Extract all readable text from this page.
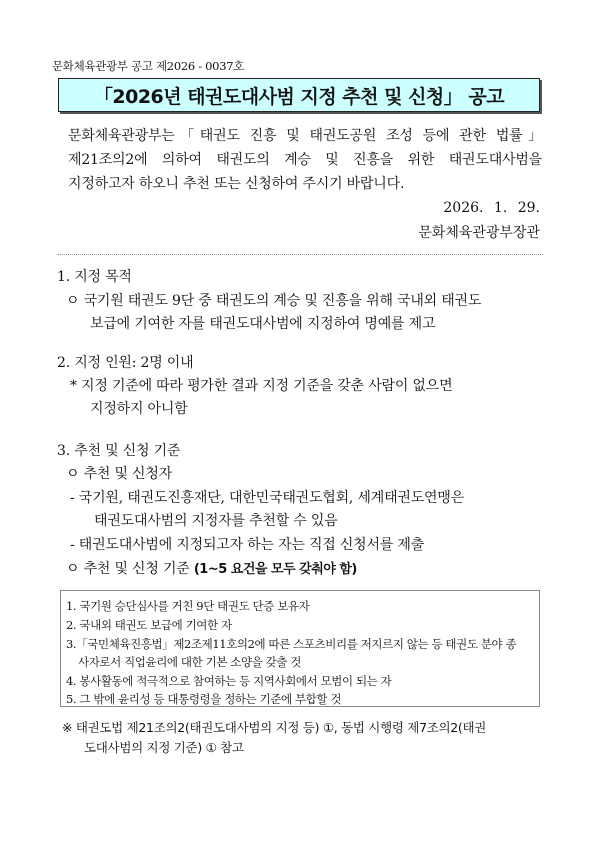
문화체육관광부 공고 제2026 - 0037호
「2026년 태권도대사범 지정 추천 및 신청」 공고
문화체육관광부는「태권도 진흥 및 태권도공원 조성 등에 관한 법률」
제21조의2에 의하여 태권도의 계승 및 진흥을 위한 태권도대사범을
지정하고자 하오니 추천 또는 신청하여 주시기 바랍니다.
2026. 1. 29.
문화체육관광부장관
1. 지정 목적
ㅇ 국기원 태권도 9단 중 태권도의 계승 및 진흥을 위해 국내외 태권도
보급에 기여한 자를 태권도대사범에 지정하여 명예를 제고
2. 지정 인원: 2명 이내
* 지정 기준에 따라 평가한 결과 지정 기준을 갖춘 사람이 없으면
지정하지 아니함
3. 추천 및 신청 기준
ㅇ 추천 및 신청자
- 국기원, 태권도진흥재단, 대한민국태권도협회, 세계태권도연맹은
태권도대사범의 지정자를 추천할 수 있음
- 태권도대사범에 지정되고자 하는 자는 직접 신청서를 제출
ㅇ 추천 및 신청 기준 (1~5 요건을 모두 갖춰야 함)
1. 국기원 승단심사를 거친 9단 태권도 단증 보유자
2. 국내외 태권도 보급에 기여한 자
3.「국민체육진흥법」제2조제11호의2에 따른 스포츠비리를 저지르지 않는 등 태권도 분야 종
사자로서 직업윤리에 대한 기본 소양을 갖출 것
4. 봉사활동에 적극적으로 참여하는 등 지역사회에서 모범이 되는 자
5. 그 밖에 윤리성 등 대통령령을 정하는 기준에 부합할 것
※ 태권도법 제21조의2(태권도대사범의 지정 등) ①, 동법 시행령 제7조의2(태권
도대사범의 지정 기준) ① 참고
